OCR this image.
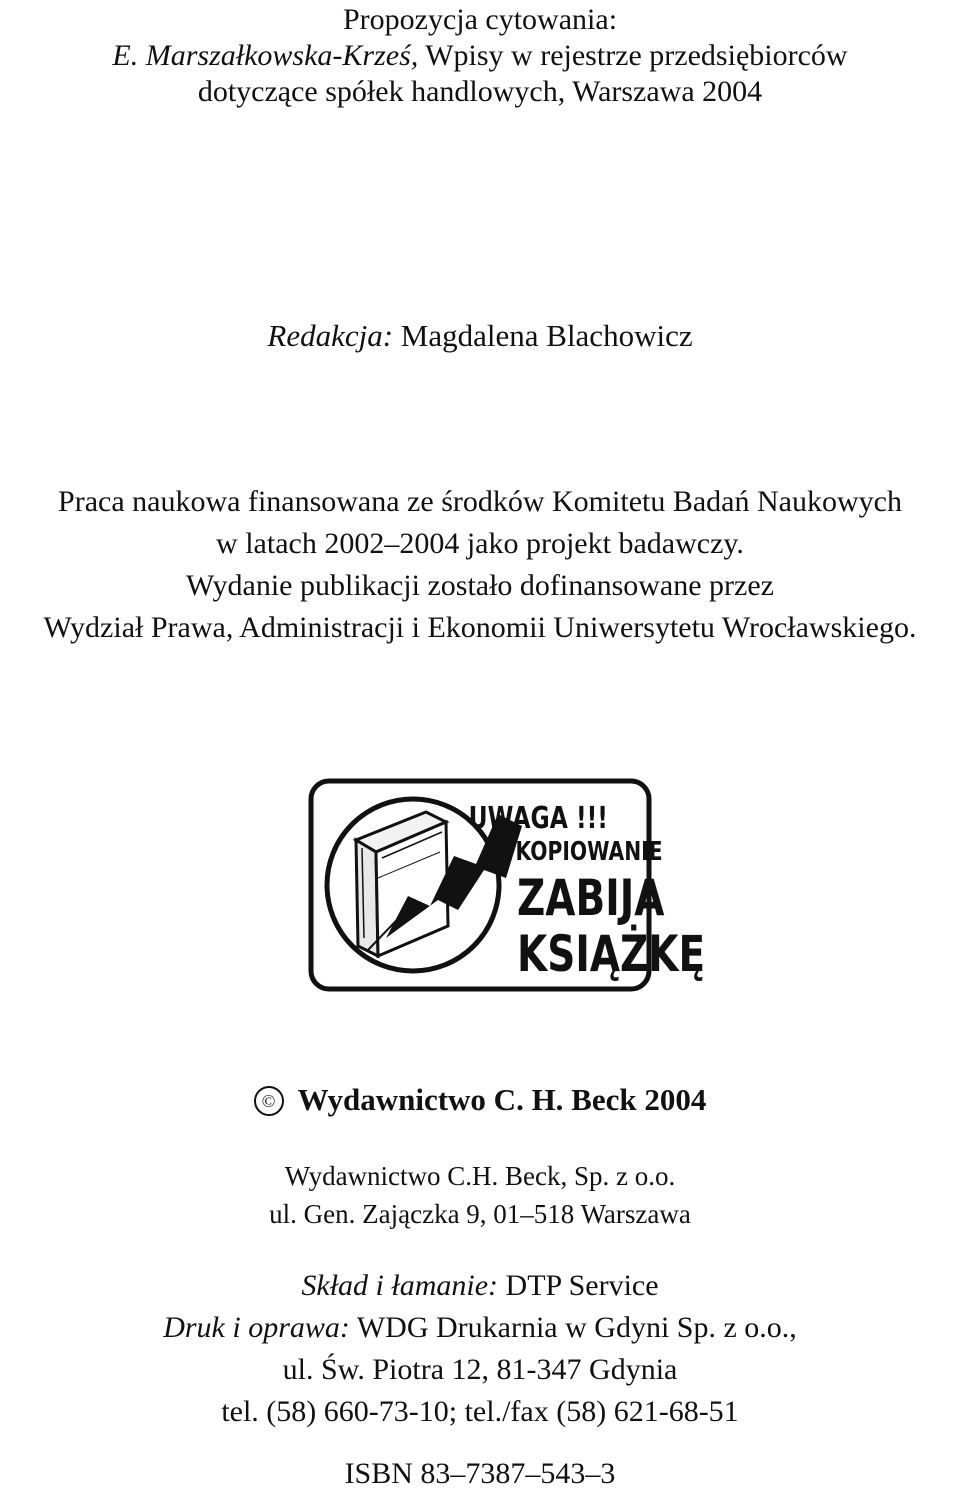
Propozycja cytowania:
E. Marszałkowska-Krześ, Wpisy w rejestrze przedsiębiorców
dotyczące spółek handlowych, Warszawa 2004
Redakcja: Magdalena Blachowicz
Praca naukowa finansowana ze środków Komitetu Badań Naukowych
w latach 2002–2004 jako projekt badawczy.
Wydanie publikacji zostało dofinansowane przez
Wydział Prawa, Administracji i Ekonomii Uniwersytetu Wrocławskiego.
UWAGA !!!
KOPIOWANIE
ZABIJA
KSIĄŻKĘ
© Wydawnictwo C. H. Beck 2004
Wydawnictwo C.H. Beck, Sp. z o.o.
ul. Gen. Zajączka 9, 01–518 Warszawa
Skład i łamanie: DTP Service
Druk i oprawa: WDG Drukarnia w Gdyni Sp. z o.o.,
ul. Św. Piotra 12, 81-347 Gdynia
tel. (58) 660-73-10; tel./fax (58) 621-68-51
ISBN 83–7387–543–3
